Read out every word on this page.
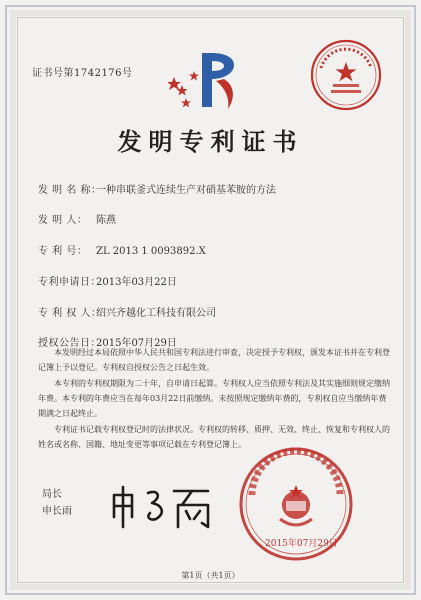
证书号第1742176号
发明专利证书
发 明 名 称：一种串联釜式连续生产对硝基苯胺的方法
发 明 人： 陈燕
专 利 号： ZL 2013 1 0093892.X
专利申请日：2013年03月22日
专 利 权 人：绍兴齐越化工科技有限公司
授权公告日：2015年07月29日

本发明经过本局依照中华人民共和国专利法进行审查，决定授予专利权，颁发本证书并在专利登记簿上予以登记。专利权自授权公告之日起生效。

本专利的专利权期限为二十年，自申请日起算。专利权人应当依照专利法及其实施细则规定缴纳年费。本专利的年费应当在每年03月22日前缴纳。未按照规定缴纳年费的，专利权自应当缴纳年费期满之日起终止。

专利证书记载专利权登记时的法律状况。专利权的转移、质押、无效、终止、恢复和专利权人的姓名或名称、国籍、地址变更等事项记载在专利登记簿上。

局长
申长雨
2015年07月29日
第1页（共1页）
